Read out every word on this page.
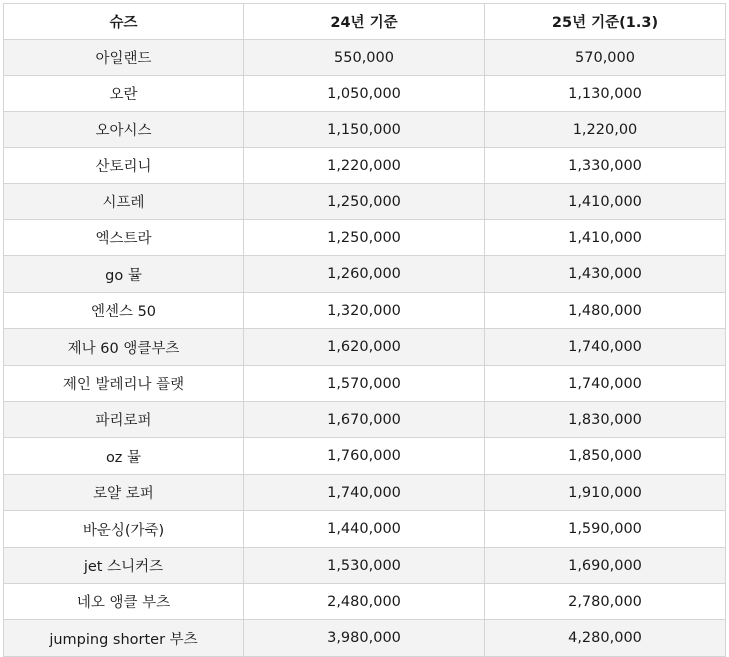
슈즈	24년 기준	25년 기준(1.3)
아일랜드	550,000	570,000
오란	1,050,000	1,130,000
오아시스	1,150,000	1,220,00
산토리니	1,220,000	1,330,000
시프레	1,250,000	1,410,000
엑스트라	1,250,000	1,410,000
go 뮬	1,260,000	1,430,000
엔센스 50	1,320,000	1,480,000
제나 60 앵클부츠	1,620,000	1,740,000
제인 발레리나 플랫	1,570,000	1,740,000
파리로퍼	1,670,000	1,830,000
oz 뮬	1,760,000	1,850,000
로얄 로퍼	1,740,000	1,910,000
바운싱(가죽)	1,440,000	1,590,000
jet 스니커즈	1,530,000	1,690,000
네오 앵클 부츠	2,480,000	2,780,000
jumping shorter 부츠	3,980,000	4,280,000
